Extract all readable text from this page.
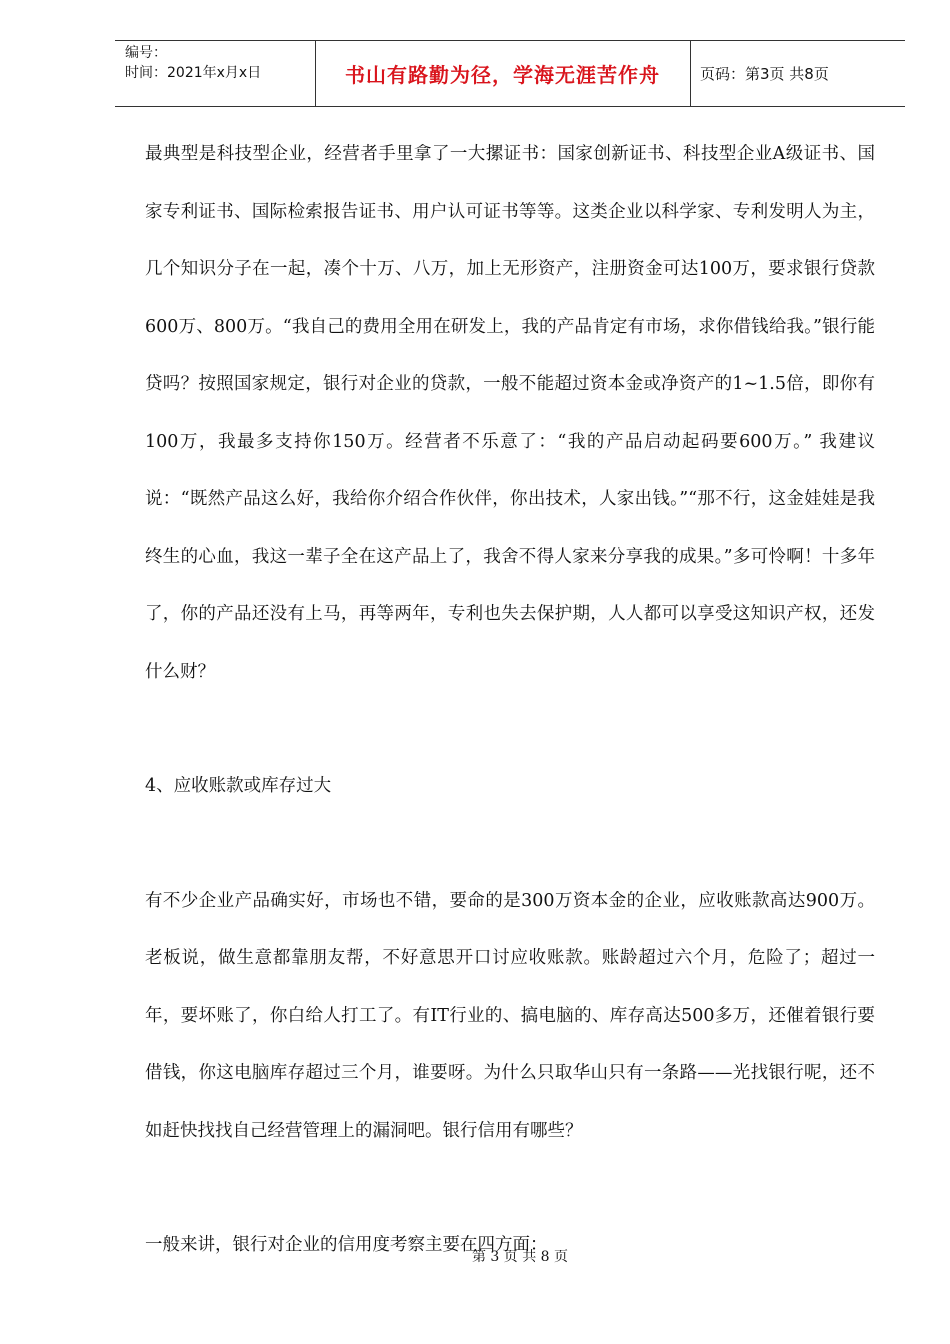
编号：
时间：2021年x月x日	书山有路勤为径，学海无涯苦作舟	页码：第3页 共8页

最典型是科技型企业，经营者手里拿了一大摞证书：国家创新证书、科技型企业A级证书、国家专利证书、国际检索报告证书、用户认可证书等等。这类企业以科学家、专利发明人为主，几个知识分子在一起，凑个十万、八万，加上无形资产，注册资金可达100万，要求银行贷款600万、800万。“我自己的费用全用在研发上，我的产品肯定有市场，求你借钱给我。”银行能贷吗？按照国家规定，银行对企业的贷款，一般不能超过资本金或净资产的1~1.5倍，即你有100万，我最多支持你150万。经营者不乐意了：“我的产品启动起码要600万。” 我建议说：“既然产品这么好，我给你介绍合作伙伴，你出技术，人家出钱。”“那不行，这金娃娃是我终生的心血，我这一辈子全在这产品上了，我舍不得人家来分享我的成果。”多可怜啊！十多年了，你的产品还没有上马，再等两年，专利也失去保护期，人人都可以享受这知识产权，还发什么财？

4、应收账款或库存过大

有不少企业产品确实好，市场也不错，要命的是300万资本金的企业，应收账款高达900万。老板说，做生意都靠朋友帮，不好意思开口讨应收账款。账龄超过六个月，危险了；超过一年，要坏账了，你白给人打工了。有IT行业的、搞电脑的、库存高达500多万，还催着银行要借钱，你这电脑库存超过三个月，谁要呀。为什么只取华山只有一条路——光找银行呢，还不如赶快找找自己经营管理上的漏洞吧。银行信用有哪些？

一般来讲，银行对企业的信用度考察主要在四方面：

第 3 页 共 8 页
